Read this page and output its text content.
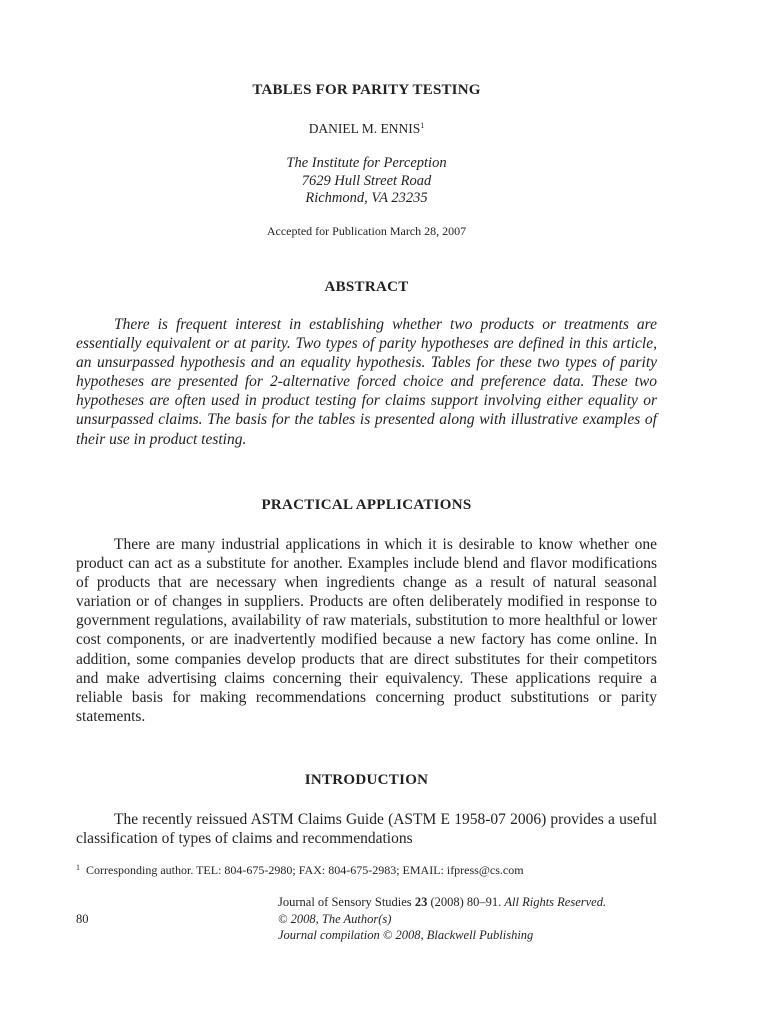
TABLES FOR PARITY TESTING
DANIEL M. ENNIS$^1$
The Institute for Perception
7629 Hull Street Road
Richmond, VA 23235
Accepted for Publication March 28, 2007
ABSTRACT
There is frequent interest in establishing whether two products or treatments are essentially equivalent or at parity. Two types of parity hypotheses are defined in this article, an unsurpassed hypothesis and an equality hypothesis. Tables for these two types of parity hypotheses are presented for 2-alternative forced choice and preference data. These two hypotheses are often used in product testing for claims support involving either equality or unsurpassed claims. The basis for the tables is presented along with illustrative examples of their use in product testing.
PRACTICAL APPLICATIONS
There are many industrial applications in which it is desirable to know whether one product can act as a substitute for another. Examples include blend and flavor modifications of products that are necessary when ingredients change as a result of natural seasonal variation or of changes in suppliers. Products are often deliberately modified in response to government regulations, availability of raw materials, substitution to more healthful or lower cost components, or are inadvertently modified because a new factory has come online. In addition, some companies develop products that are direct substitutes for their competitors and make advertising claims concerning their equivalency. These applications require a reliable basis for making recommendations concerning product substitutions or parity statements.
INTRODUCTION
The recently reissued ASTM Claims Guide (ASTM E 1958-07 2006) provides a useful classification of types of claims and recommendations
$^1$ Corresponding author. TEL: 804-675-2980; FAX: 804-675-2983; EMAIL: ifpress@cs.com
80
Journal of Sensory Studies 23 (2008) 80–91. All Rights Reserved.
© 2008, The Author(s)
Journal compilation © 2008, Blackwell Publishing
